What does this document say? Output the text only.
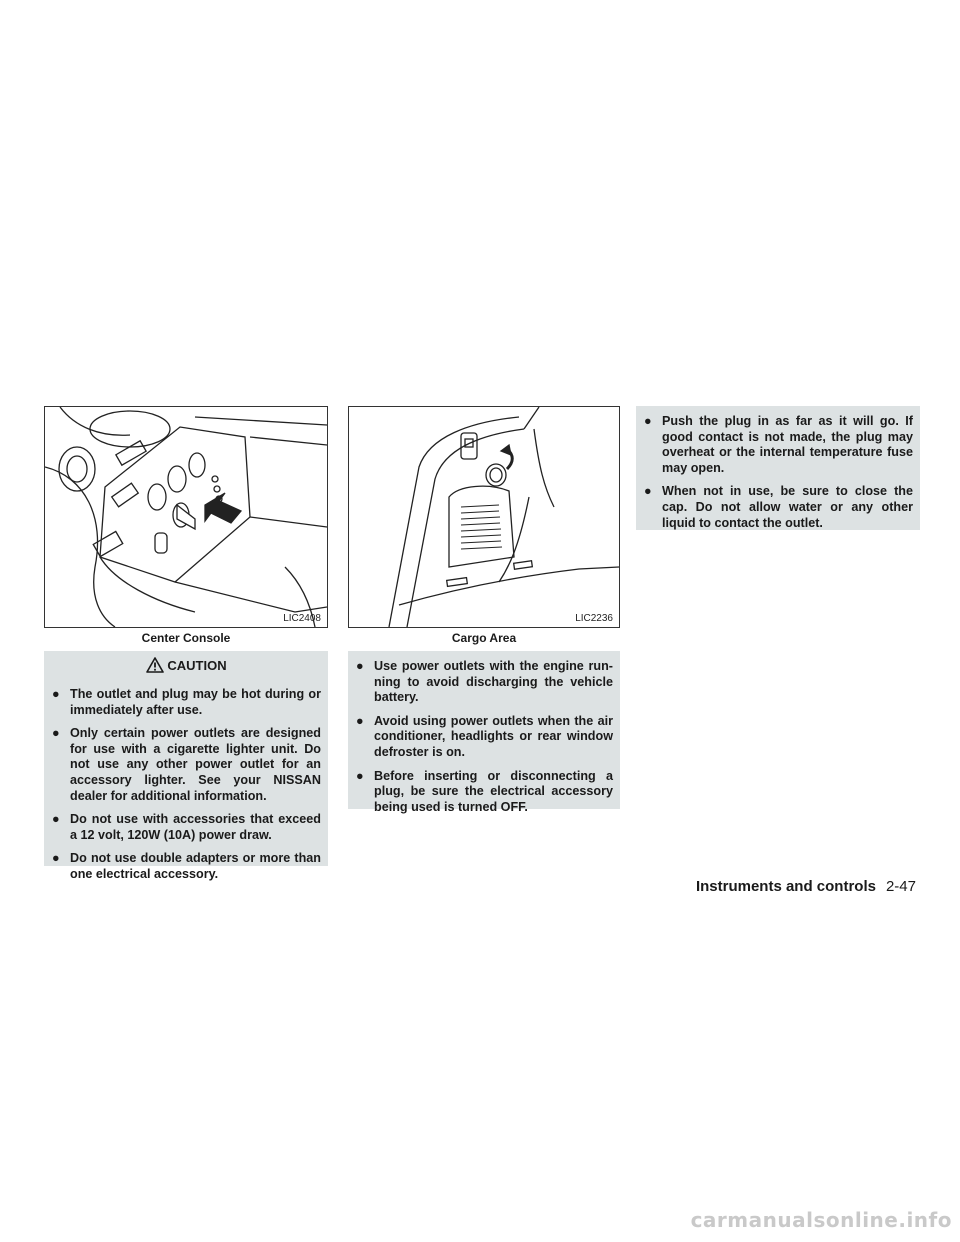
LIC2408
Center Console
LIC2236
Cargo Area
CAUTION
● The outlet and plug may be hot during or immediately after use.
● Only certain power outlets are designed for use with a cigarette lighter unit. Do not use any other power outlet for an accessory lighter. See your NISSAN dealer for additional information.
● Do not use with accessories that exceed a 12 volt, 120W (10A) power draw.
● Do not use double adapters or more than one electrical accessory.
● Use power outlets with the engine run- ning to avoid discharging the vehicle battery.
● Avoid using power outlets when the air conditioner, headlights or rear window defroster is on.
● Before inserting or disconnecting a plug, be sure the electrical accessory being used is turned OFF.
● Push the plug in as far as it will go. If good contact is not made, the plug may overheat or the internal temperature fuse may open.
● When not in use, be sure to close the cap. Do not allow water or any other liquid to contact the outlet.
Instruments and controls 2-47
carmanualsonline.info
